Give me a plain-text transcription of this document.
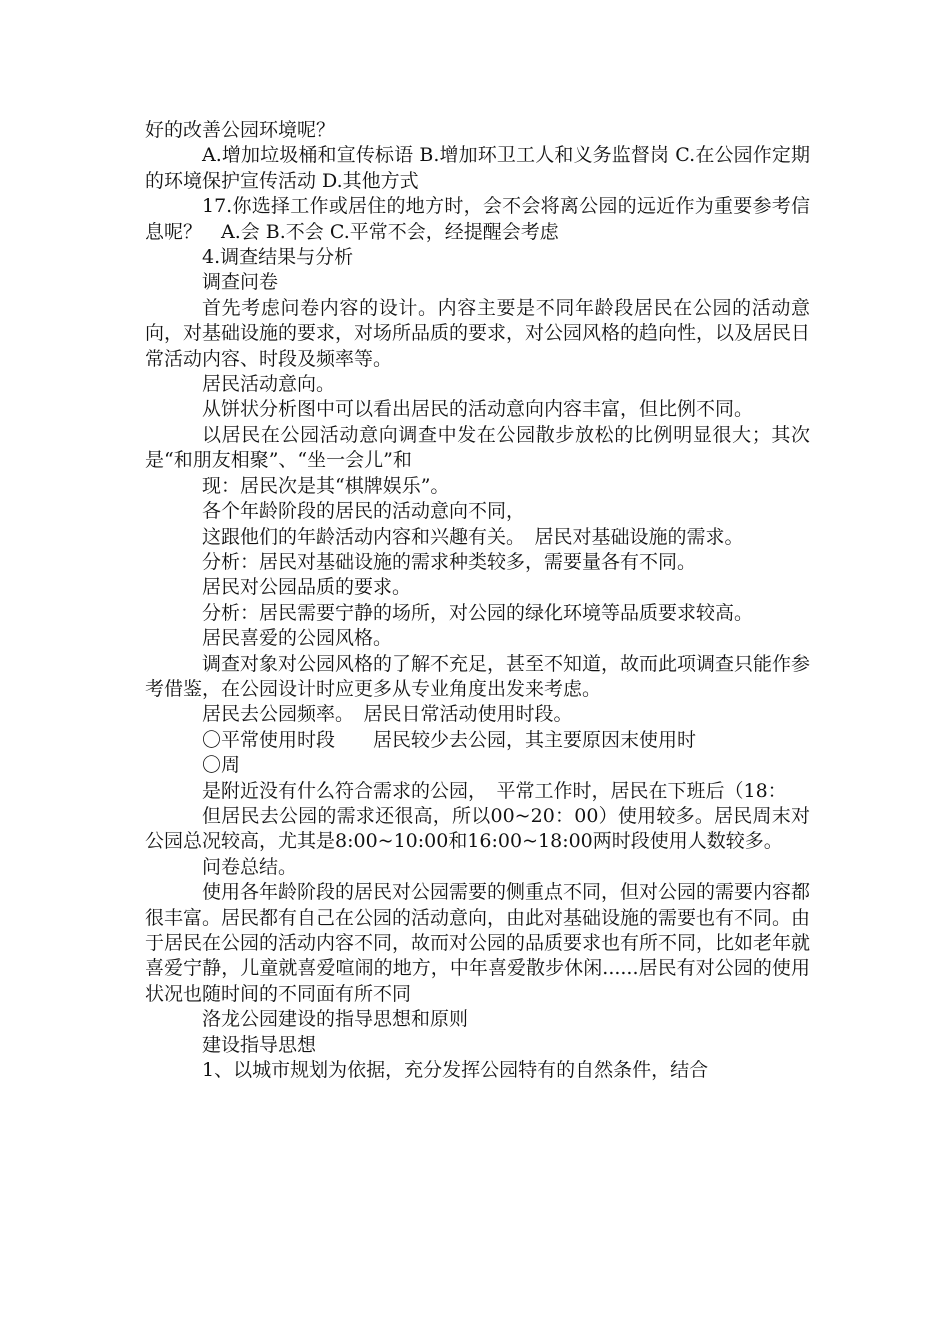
好的改善公园环境呢？

A.增加垃圾桶和宣传标语 B.增加环卫工人和义务监督岗 C.在公园作定期的环境保护宣传活动 D.其他方式

17.你选择工作或居住的地方时，会不会将离公园的远近作为重要参考信息呢？　A.会 B.不会 C.平常不会，经提醒会考虑

4.调查结果与分析

调查问卷

首先考虑问卷内容的设计。内容主要是不同年龄段居民在公园的活动意向，对基础设施的要求，对场所品质的要求，对公园风格的趋向性，以及居民日常活动内容、时段及频率等。

居民活动意向。

从饼状分析图中可以看出居民的活动意向内容丰富，但比例不同。

以居民在公园活动意向调查中发在公园散步放松的比例明显很大；其次是“和朋友相聚”、“坐一会儿”和

现：居民次是其“棋牌娱乐”。

各个年龄阶段的居民的活动意向不同，

这跟他们的年龄活动内容和兴趣有关。　居民对基础设施的需求。

分析：居民对基础设施的需求种类较多，需要量各有不同。

居民对公园品质的要求。

分析：居民需要宁静的场所，对公园的绿化环境等品质要求较高。

居民喜爱的公园风格。

调查对象对公园风格的了解不充足，甚至不知道，故而此项调查只能作参考借鉴，在公园设计时应更多从专业角度出发来考虑。

居民去公园频率。　居民日常活动使用时段。

〇平常使用时段　　居民较少去公园，其主要原因末使用时

〇周

是附近没有什么符合需求的公园，　平常工作时，居民在下班后（18：

但居民去公园的需求还很高，所以00~20：00）使用较多。居民周末对公园总况较高，尤其是8:00~10:00和16:00~18:00两时段使用人数较多。

问卷总结。

使用各年龄阶段的居民对公园需要的侧重点不同，但对公园的需要内容都很丰富。居民都有自己在公园的活动意向，由此对基础设施的需要也有不同。由于居民在公园的活动内容不同，故而对公园的品质要求也有所不同，比如老年就喜爱宁静，儿童就喜爱喧闹的地方，中年喜爱散步休闲......居民有对公园的使用状况也随时间的不同面有所不同

洛龙公园建设的指导思想和原则

建设指导思想

1、以城市规划为依据，充分发挥公园特有的自然条件，结合
